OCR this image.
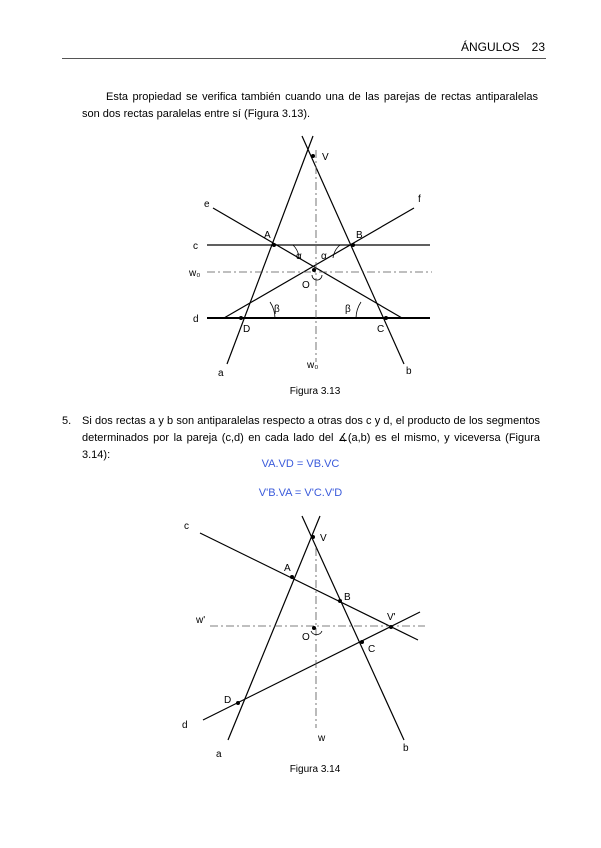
ÁNGULOS 23
Esta propiedad se verifica también cuando una de las parejas de rectas antiparalelas son dos rectas paralelas entre sí (Figura 3.13).
V
e	f
c
w₀
d
A	B
α α
O
β	β
D	C
w₀
a	b
Figura 3.13
5. Si dos rectas a y b son antiparalelas respecto a otras dos c y d, el producto de los segmentos determinados por la pareja (c,d) en cada lado del ∡(a,b) es el mismo, y viceversa (Figura 3.14):
VA.VD = VB.VC
V'B.VA = V'C.V'D
c
V
A
B
V'
w'
O
C
D
d
w
a
b
Figura 3.14
